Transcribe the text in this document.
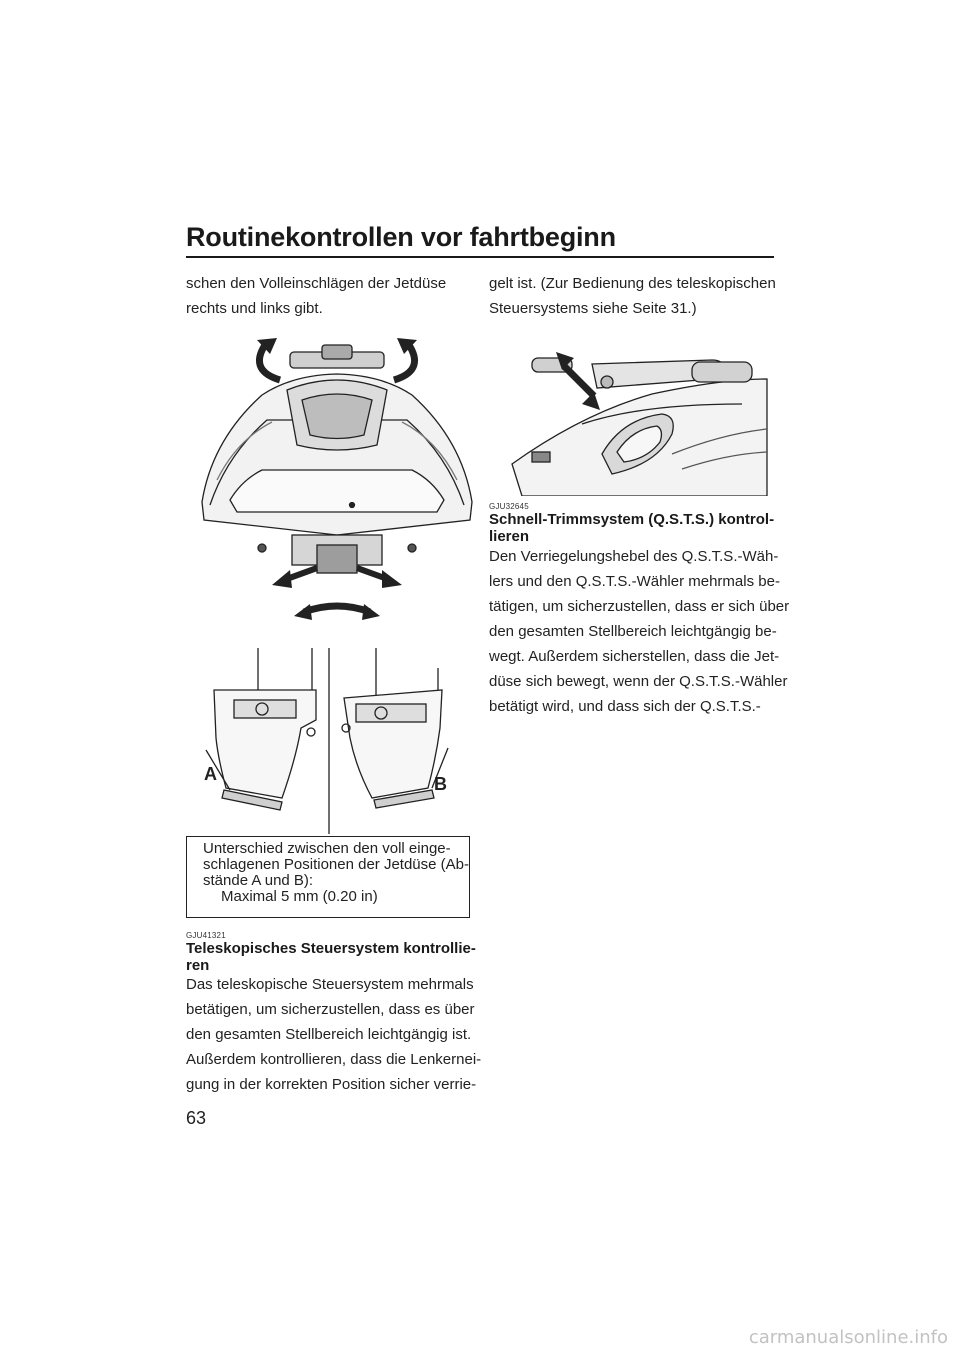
Routinekontrollen vor fahrtbeginn

schen den Volleinschlägen der Jetdüse
rechts und links gibt.

A	B
Unterschied zwischen den voll einge-
schlagenen Positionen der Jetdüse (Ab-
stände A und B):
Maximal 5 mm (0.20 in)
GJU41321
Teleskopisches Steuersystem kontrollie-
ren

Das teleskopische Steuersystem mehrmals
betätigen, um sicherzustellen, dass es über
den gesamten Stellbereich leichtgängig ist.
Außerdem kontrollieren, dass die Lenkernei-
gung in der korrekten Position sicher verrie-

gelt ist. (Zur Bedienung des teleskopischen
Steuersystems siehe Seite 31.)

GJU32645
Schnell-Trimmsystem (Q.S.T.S.) kontrol-
lieren

Den Verriegelungshebel des Q.S.T.S.-Wäh-
lers und den Q.S.T.S.-Wähler mehrmals be-
tätigen, um sicherzustellen, dass er sich über
den gesamten Stellbereich leichtgängig be-
wegt. Außerdem sicherstellen, dass die Jet-
düse sich bewegt, wenn der Q.S.T.S.-Wähler
betätigt wird, und dass sich der Q.S.T.S.-

63
carmanualsonline.info
